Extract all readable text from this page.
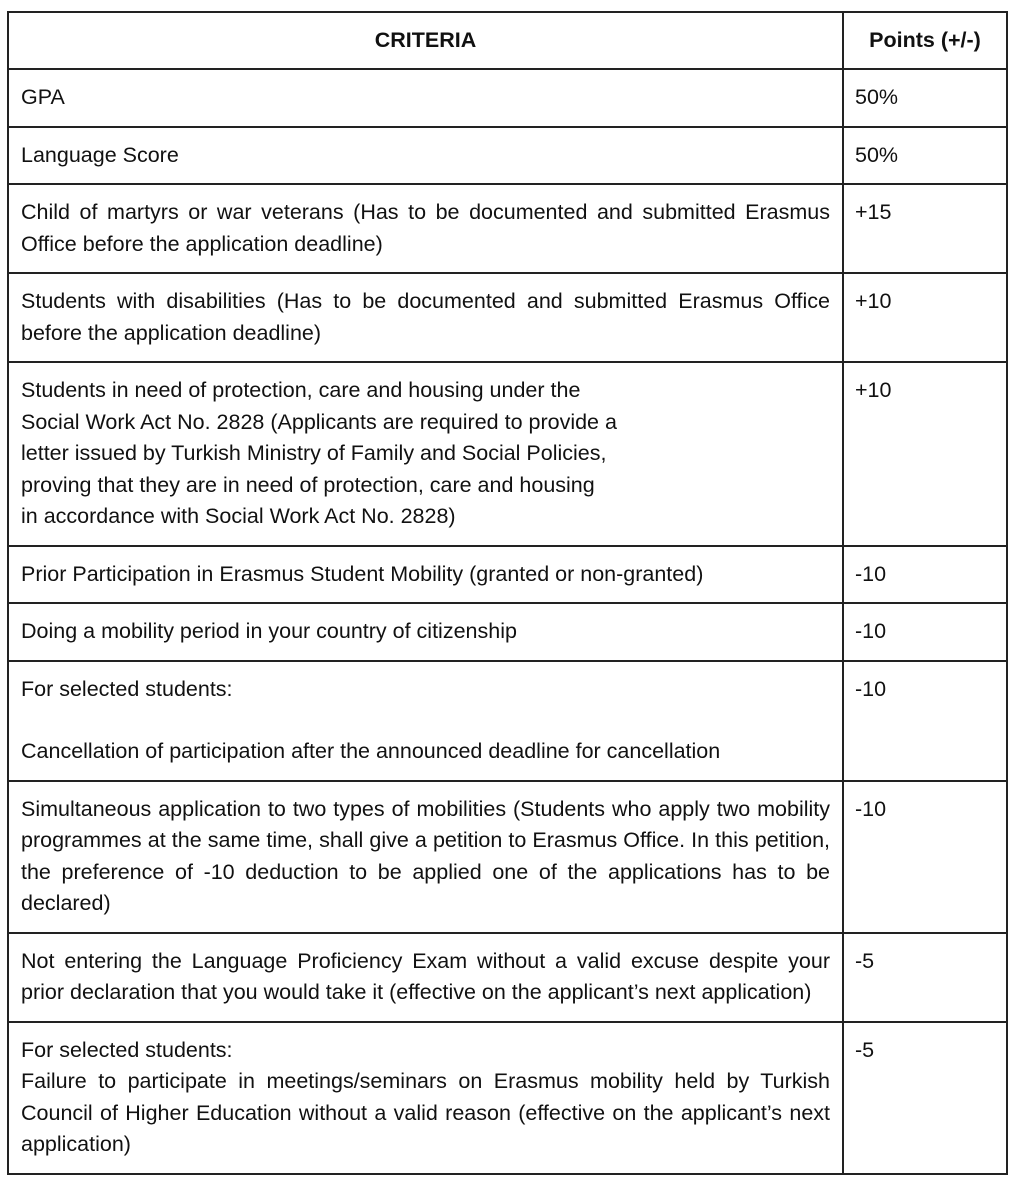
CRITERIA	Points (+/-)
GPA	50%
Language Score	50%
Child of martyrs or war veterans (Has to be documented and submitted Erasmus Office before the application deadline)	+15
Students with disabilities (Has to be documented and submitted Erasmus Office before the application deadline)	+10

Students in need of protection, care and housing under the
Social Work Act No. 2828 (Applicants are required to provide a
letter issued by Turkish Ministry of Family and Social Policies,
proving that they are in need of protection, care and housing
in accordance with Social Work Act No. 2828)	+10
Prior Participation in Erasmus Student Mobility (granted or non-granted)	-10
Doing a mobility period in your country of citizenship	-10

For selected students:
Cancellation of participation after the announced deadline for cancellation	-10
Simultaneous application to two types of mobilities (Students who apply two mobility programmes at the same time, shall give a petition to Erasmus Office. In this petition, the preference of -10 deduction to be applied one of the applications has to be declared)	-10
Not entering the Language Proficiency Exam without a valid excuse despite your prior declaration that you would take it (effective on the applicant’s next application)	-5

For selected students:
Failure to participate in meetings/seminars on Erasmus mobility held by Turkish Council of Higher Education without a valid reason (effective on the applicant’s next application)	-5
